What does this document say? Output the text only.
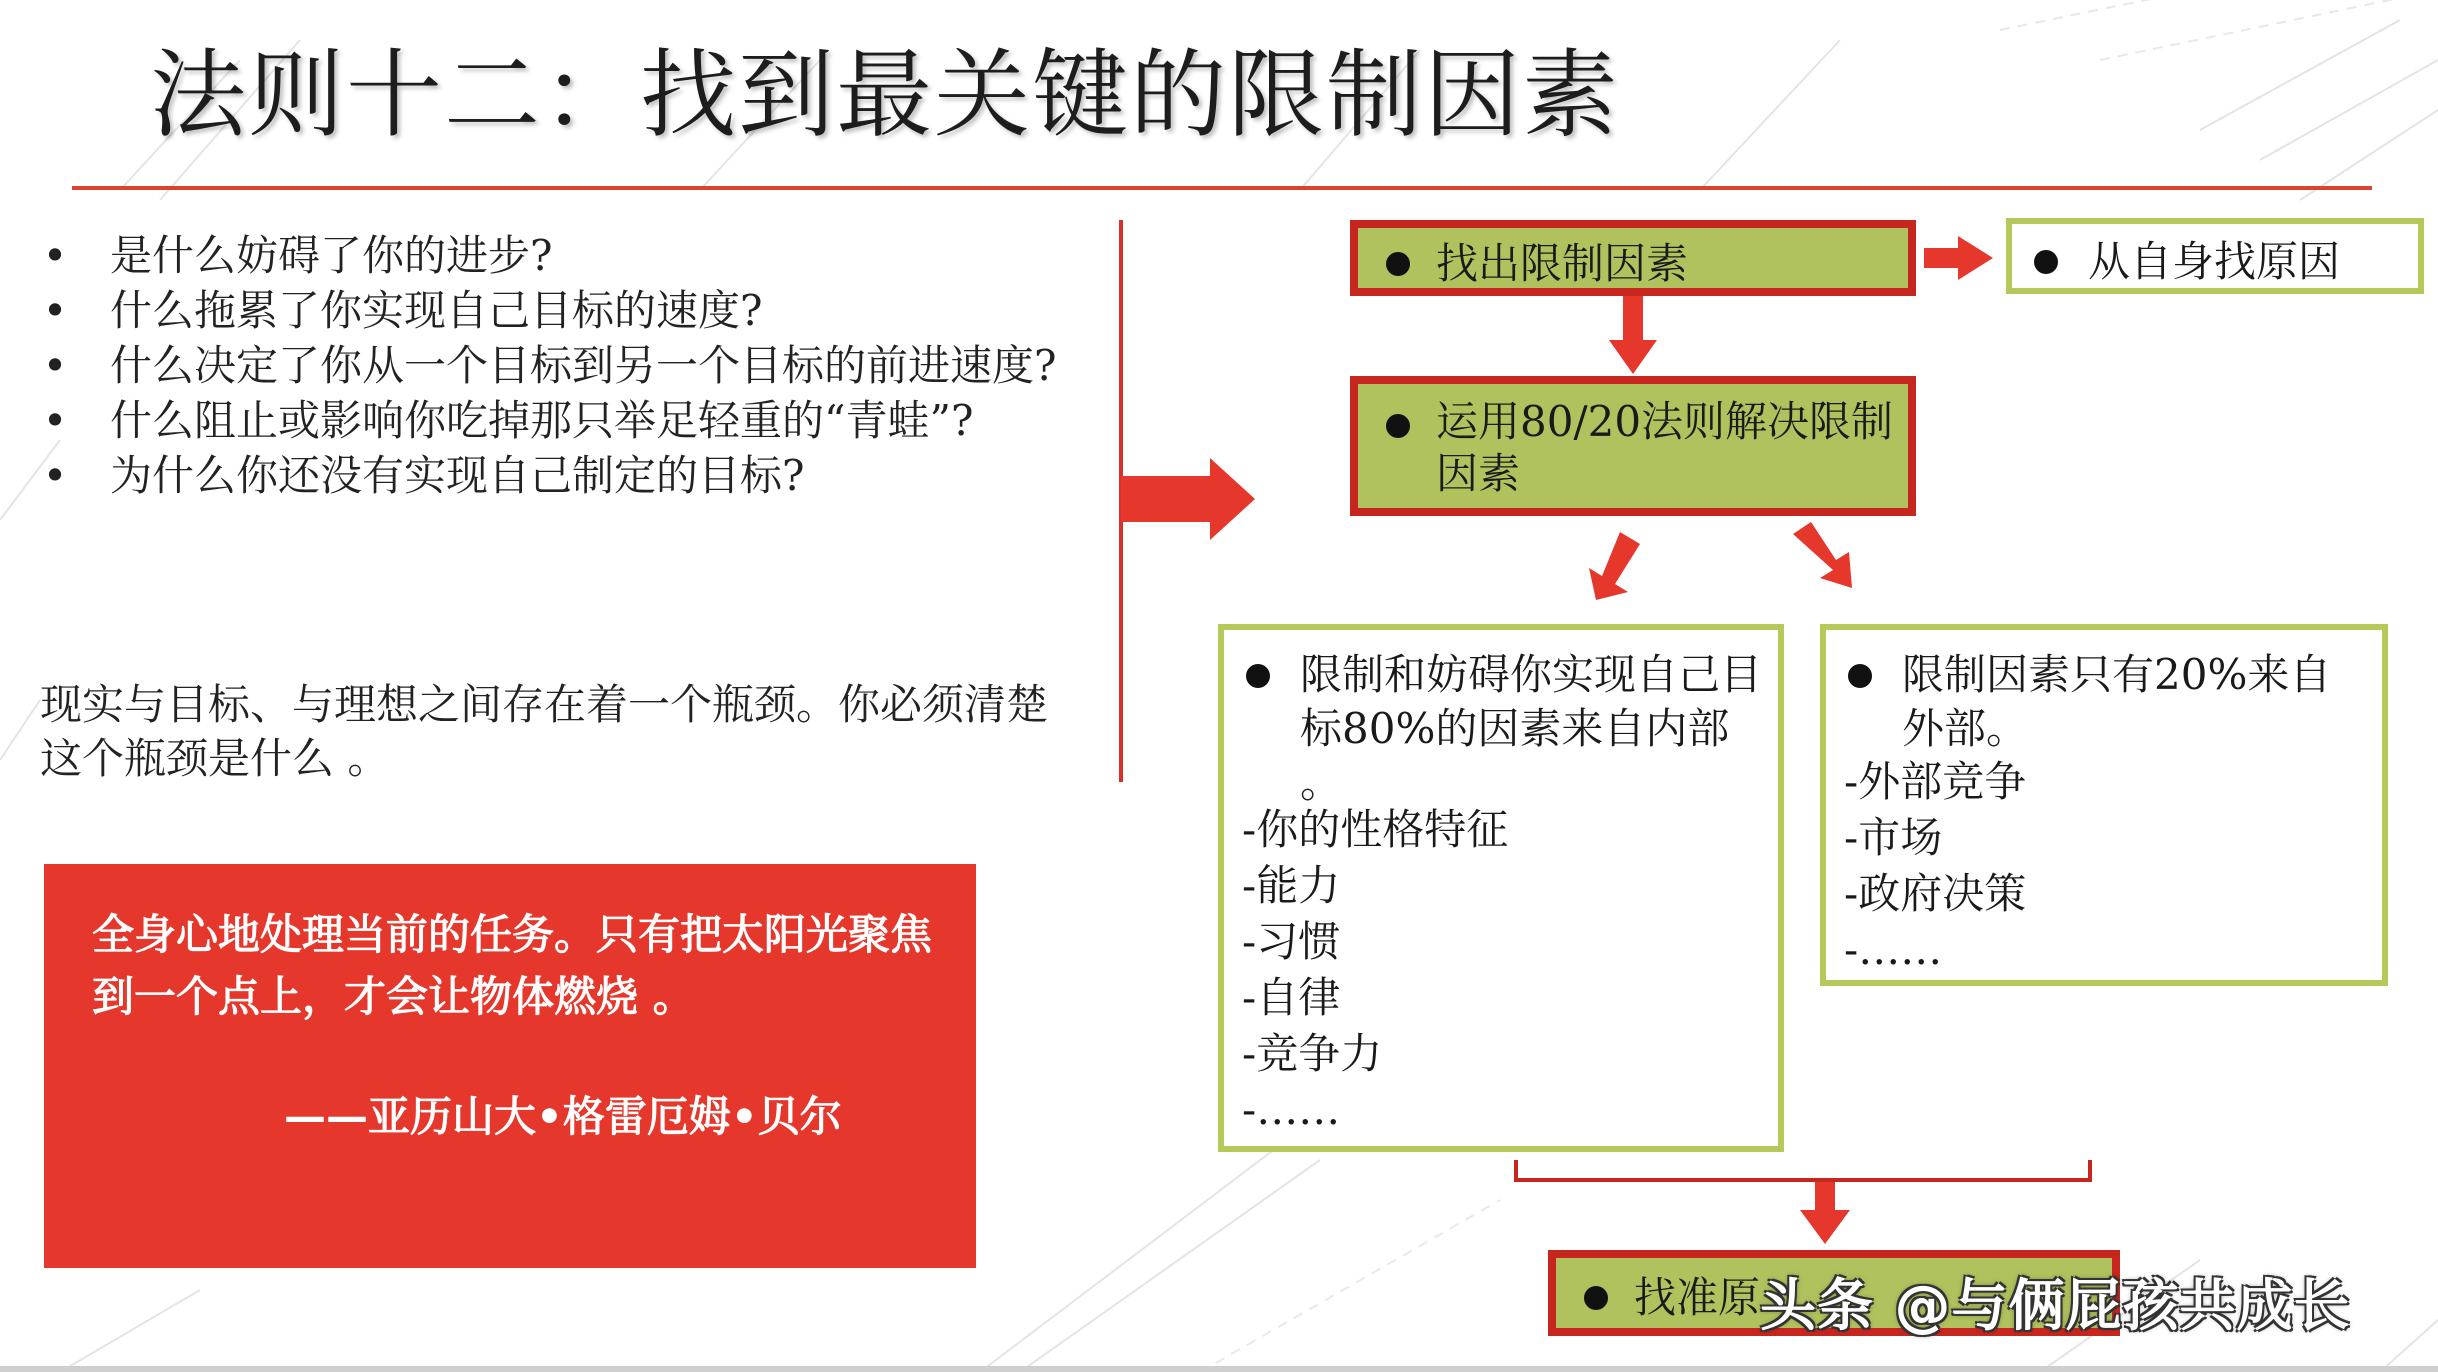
法则十二：找到最关键的限制因素
• 是什么妨碍了你的进步?
• 什么拖累了你实现自己目标的速度?
• 什么决定了你从一个目标到另一个目标的前进速度?
• 什么阻止或影响你吃掉那只举足轻重的“青蛙”?
• 为什么你还没有实现自己制定的目标?
现实与目标、与理想之间存在着一个瓶颈。你必须清楚这个瓶颈是什么 。
全身心地处理当前的任务。只有把太阳光聚焦到一个点上，才会让物体燃烧 。
——亚历山大•格雷厄姆•贝尔
找出限制因素	从自身找原因
运用80/20法则解决限制因素
限制和妨碍你实现自己目标80%的因素来自内部 。
-你的性格特征
-能力
-习惯
-自律
-竞争力
-……
限制因素只有20%来自外部。
-外部竞争
-市场
-政府决策
-……
找准原 头条 @与俩屁孩共成长
